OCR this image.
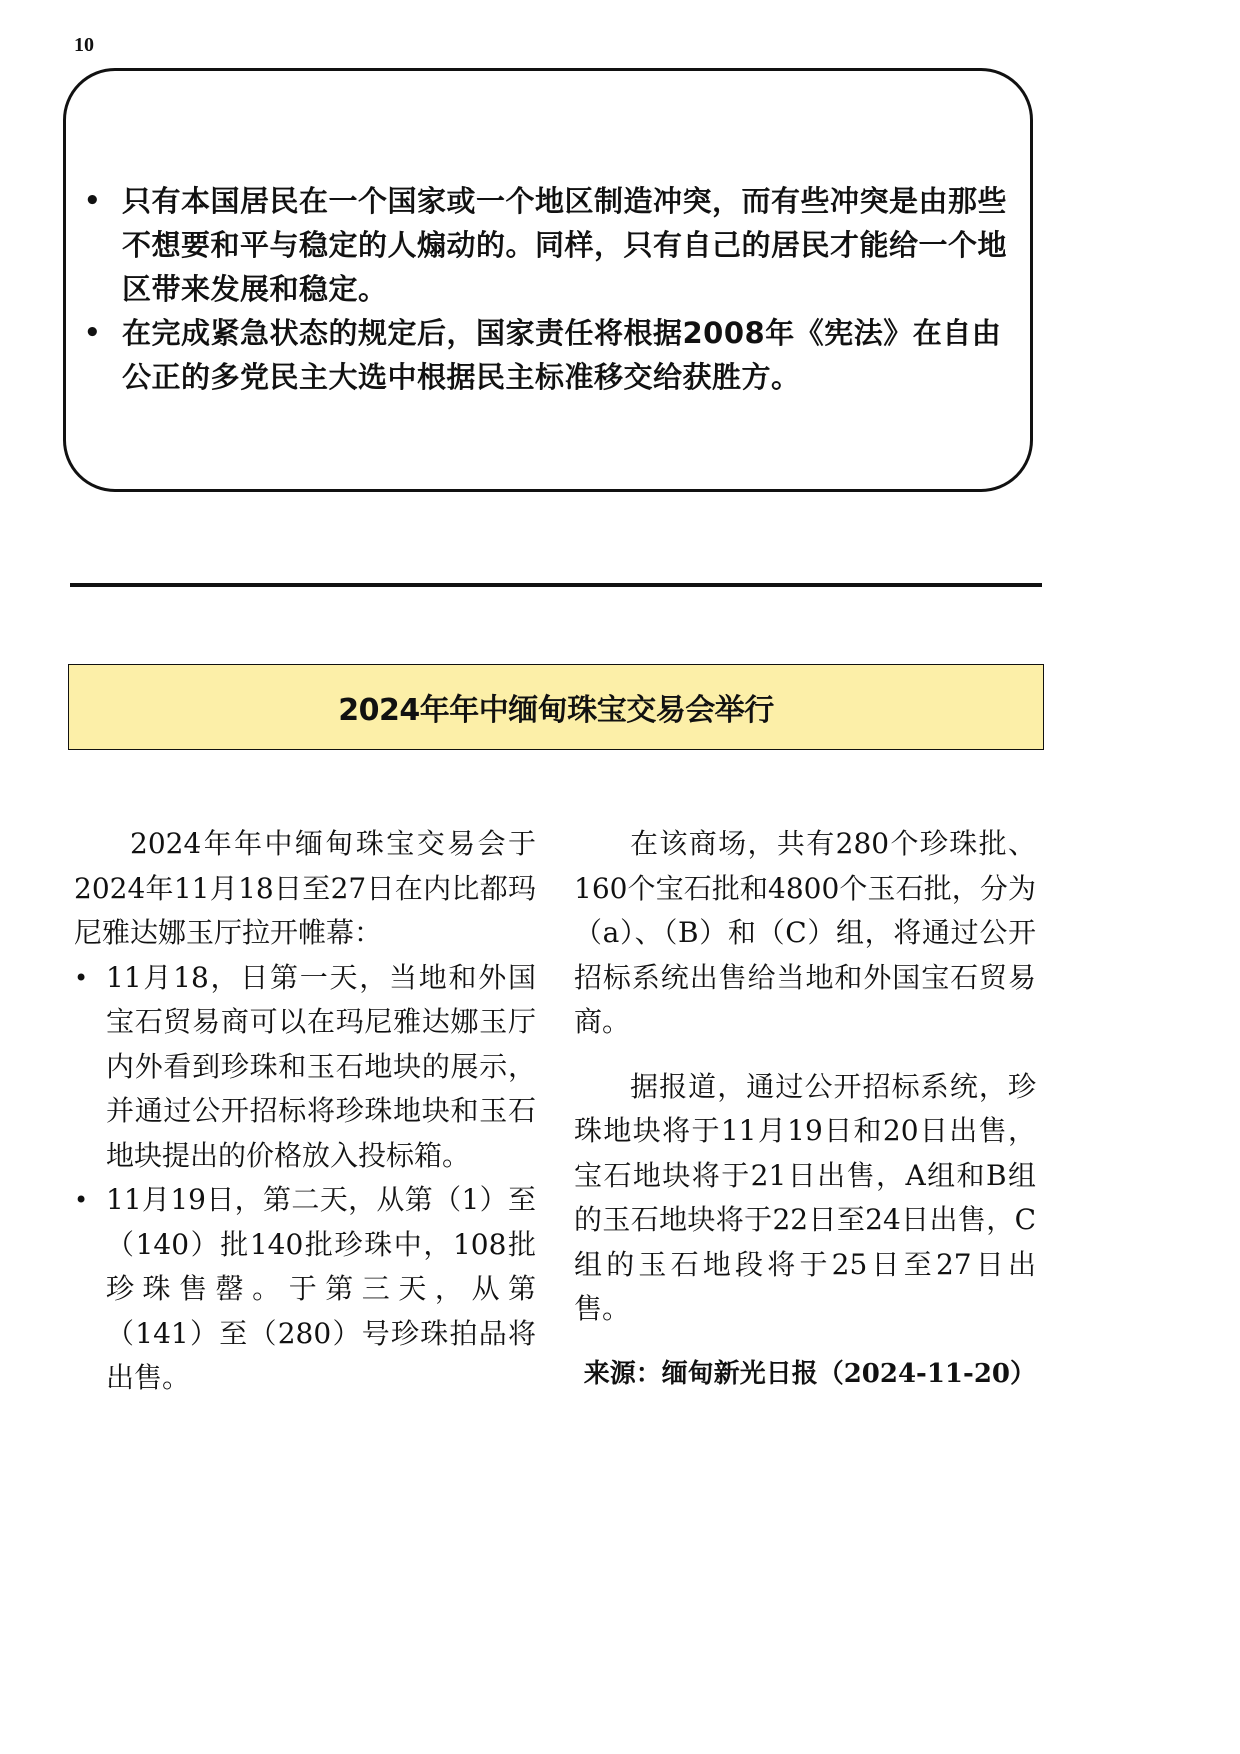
10
• 只有本国居民在一个国家或一个地区制造冲突，而有些冲突是由那些不想要和平与稳定的人煽动的。同样，只有自己的居民才能给一个地区带来发展和稳定。
• 在完成紧急状态的规定后，国家责任将根据2008年《宪法》在自由公正的多党民主大选中根据民主标准移交给获胜方。
2024年年中缅甸珠宝交易会举行

2024年年中缅甸珠宝交易会于2024年11月18日至27日在内比都玛尼雅达娜玉厅拉开帷幕：

• 11月18，日第一天，当地和外国宝石贸易商可以在玛尼雅达娜玉厅内外看到珍珠和玉石地块的展示，并通过公开招标将珍珠地块和玉石地块提出的价格放入投标箱。
• 11月19日，第二天，从第（1）至（140）批140批珍珠中，108批珍珠售罄。于第三天，从第（141）至（280）号珍珠拍品将出售。

在该商场，共有280个珍珠批、160个宝石批和4800个玉石批，分为（a）、（B）和（C）组，将通过公开招标系统出售给当地和外国宝石贸易商。

据报道，通过公开招标系统，珍珠地块将于11月19日和20日出售，宝石地块将于21日出售，A组和B组的玉石地块将于22日至24日出售，C组的玉石地段将于25日至27日出售。

来源：缅甸新光日报（2024-11-20）
